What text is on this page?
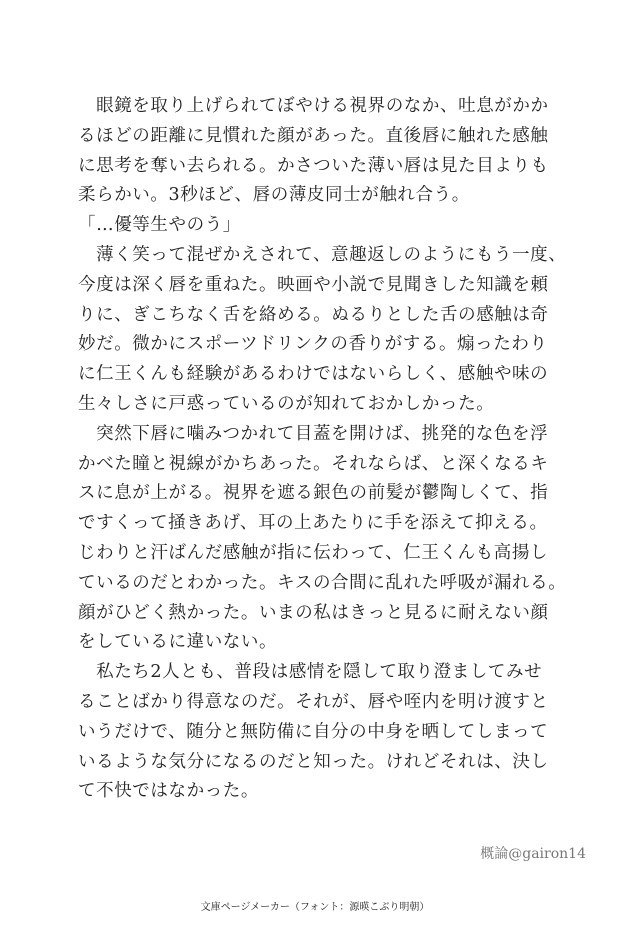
　眼鏡を取り上げられてぼやける視界のなか、吐息がかか
るほどの距離に見慣れた顔があった。直後唇に触れた感触
に思考を奪い去られる。かさついた薄い唇は見た目よりも
柔らかい。3秒ほど、唇の薄皮同士が触れ合う。
「…優等生やのう」
　薄く笑って混ぜかえされて、意趣返しのようにもう一度、
今度は深く唇を重ねた。映画や小説で見聞きした知識を頼
りに、ぎこちなく舌を絡める。ぬるりとした舌の感触は奇
妙だ。微かにスポーツドリンクの香りがする。煽ったわり
に仁王くんも経験があるわけではないらしく、感触や味の
生々しさに戸惑っているのが知れておかしかった。
　突然下唇に噛みつかれて目蓋を開けば、挑発的な色を浮
かべた瞳と視線がかちあった。それならば、と深くなるキ
スに息が上がる。視界を遮る銀色の前髪が鬱陶しくて、指
ですくって掻きあげ、耳の上あたりに手を添えて抑える。
じわりと汗ばんだ感触が指に伝わって、仁王くんも高揚し
ているのだとわかった。キスの合間に乱れた呼吸が漏れる。
顔がひどく熱かった。いまの私はきっと見るに耐えない顔
をしているに違いない。
　私たち2人とも、普段は感情を隠して取り澄ましてみせ
ることばかり得意なのだ。それが、唇や咥内を明け渡すと
いうだけで、随分と無防備に自分の中身を晒してしまって
いるような気分になるのだと知った。けれどそれは、決し
て不快ではなかった。
概論@gairon14
文庫ページメーカー（フォント：源暎こぶり明朝）
